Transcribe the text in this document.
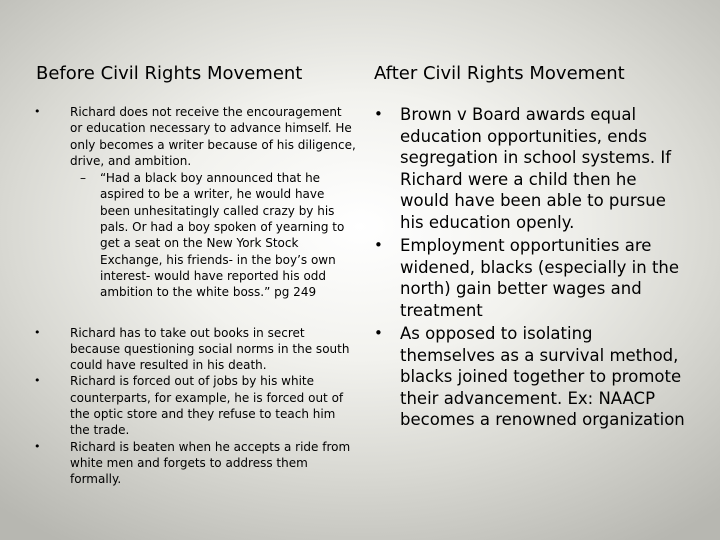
Before Civil Rights Movement
• Richard does not receive the encouragement or education necessary to advance himself. He only becomes a writer because of his diligence, drive, and ambition.
– “Had a black boy announced that he aspired to be a writer, he would have been unhesitatingly called crazy by his pals. Or had a boy spoken of yearning to get a seat on the New York Stock Exchange, his friends- in the boy’s own interest- would have reported his odd ambition to the white boss.” pg 249
• Richard has to take out books in secret because questioning social norms in the south could have resulted in his death.
• Richard is forced out of jobs by his white counterparts, for example, he is forced out of the optic store and they refuse to teach him the trade.
• Richard is beaten when he accepts a ride from white men and forgets to address them formally.
After Civil Rights Movement
• Brown v Board awards equal education opportunities, ends segregation in school systems. If Richard were a child then he would have been able to pursue his education openly.
• Employment opportunities are widened, blacks (especially in the north) gain better wages and treatment
• As opposed to isolating themselves as a survival method, blacks joined together to promote their advancement. Ex: NAACP becomes a renowned organization
